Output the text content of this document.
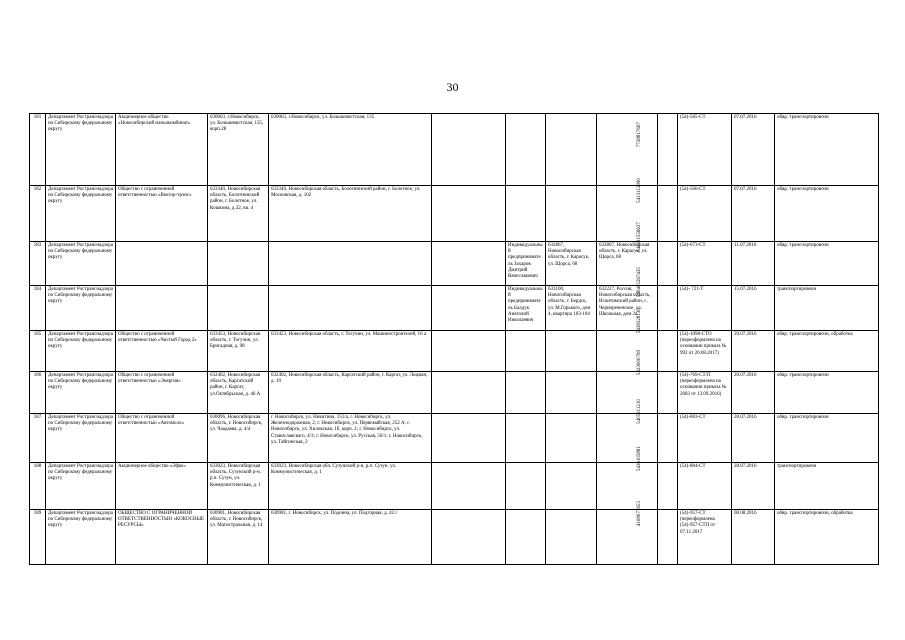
30
181	Департамент Ространснадзора по Сибирскому федеральному округу	Акционерное общество «Новосибирский мельокомбинат»	630063, г.Новосибирск, ул. Большевистская, 135, корп.28	630063, г.Новосибирск, ул. Большевистская, 135					7728817697	(54)-565-СТ	07.07.2016	обвр. транспортировочн
182	Департамент Ространснадзора по Сибирскому федеральному округу	Общество с ограниченной ответственностью «Вектор-трэнс»	633340, Новосибирская область, Болотнинский район, г. Болотное, ул. Кошкина, д.32, кв. 4	633340, Новосибирская область, Болотнинский район, г. Болотное, ул. Московская, д. 102					5413112990	(54)-566-СТ	07.07.2016	обвр. транспортировочн
183	Департамент Ространснадзора по Сибирскому федеральному округу					Индивидуальный предприниматель Захаров Дмитрий Вячеславович	632867, Новосибирская область, г. Карасук, ул. Щорса, 68	632867, Новосибирская область, г. Карасук, ул. Щорса, 68	542211556637	(54)-673-СТ	11.07.2016	обвр. транспортировочн
184	Департамент Ространснадзора по Сибирскому федеральному округу					Индивидуальный предприниматель Балдук Анатолий Николаевич	633100, Новосибирская область, г. Бердск, ул. М.Горького, дом 4, квартира 103-104	632227, Россия, Новосибирская область, Искитимский район, с. Чернореченское, ул. Школьная, дом 2а	540405267435	(54)- 721-Т	15.07.2016	транспортировочн
185	Департамент Ространснадзора по Сибирскому федеральному округу	Общество с ограниченной ответственностью «Чистый Город 2»	633453, Новосибирская область, г. Тогучин, ул. Бригадная, д. 98	633453, Новосибирская область, г. Тогучин, ул. Машиностроителей, 16 а					5438328130	(54)-1098-СТО (переоформлена на основании приказа № 992 от 20.08.2017)	20.07.2016	обвр. транспортировочн, обработка
186	Департамент Ространснадзора по Сибирскому федеральному округу	Общество с ограниченной ответственностью «Энергия»	632402, Новосибирская область, Каргатский район, г. Каргат, ул.Октябрьская, д. 46 А	632402, Новосибирская область, Каргатский район, г. Каргат, ул. Лоцман, д. 10					5423000708	(54)-769-СТ/П (переоформлена на основании приказа № 2683 от 13.09.2016)	20.07.2016	обвр. транспортировочн
187	Департамент Ространснадзора по Сибирскому федеральному округу	Общество с ограниченной ответственностью «Автомолл»	630096, Новосибирская область, г. Новосибирск, ул. Чаадаева, д. 4/4	г. Новосибирск, ул. Никитина, 151/а, г. Новосибирск, ул. Железнодорожная, 2; г. Новосибирск, ул. Первомайская, 252 А; г. Новосибирск, ул. Хилокская, 1б, корп. 2; г. Новосибирск, ул. Станиславского, 4/3; г. Новосибирск, ул. Русская, 50/1; г. Новосибирск, ул. Тайгинская, 2					5405311210	(54)-883-СТ	28.07.2016	обвр. транспортировочн
188	Департамент Ространснадзора по Сибирскому федеральному округу	Акционерное общество «Эфко»	633023, Новосибирская область, Сузунский р-н, р.п. Сузун, ул. Коммунистическая, д. 1	633023, Новосибирская обл. Сузунский р-н, р.п. Сузун, ул. Коммунистическая, д. 1					5436105881	(54)-884-СТ	28.07.2016	транспортировочн
189	Департамент Ространснадзора по Сибирскому федеральному округу	ОБЩЕСТВО С ОГРАНИЧЕННОЙ ОТВЕТСТВЕННОСТЬЮ «КОКОСНЫЕ РЕСУРСЫ»	630901, Новосибирская область, г. Новосибирск, ул. Магистральная, д. 14	630901, г. Новосибирск, ул. Подонна, ул. Подгорная, д. 42 г					4108077653	(54)-957-СТ (переоформлена (54)-957-СТП от 07.11.2017	08.08.2016	обвр. транспортировочн, обработка
